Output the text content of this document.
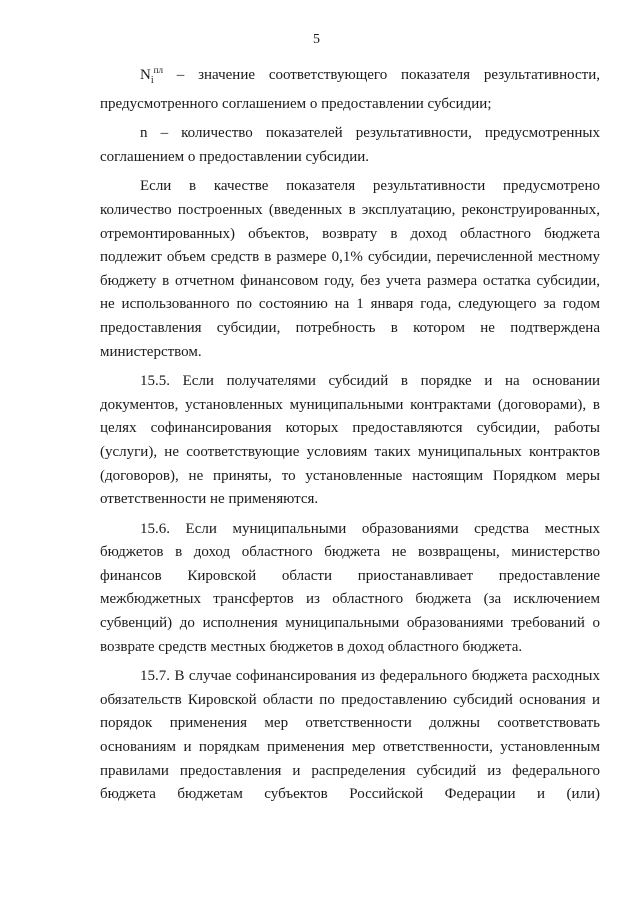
5

$N_i^{пл}$ – значение соответствующего показателя результативности, предусмотренного соглашением о предоставлении субсидии;

n – количество показателей результативности, предусмотренных соглашением о предоставлении субсидии.

Если в качестве показателя результативности предусмотрено количество построенных (введенных в эксплуатацию, реконструированных, отремонтированных) объектов, возврату в доход областного бюджета подлежит объем средств в размере 0,1% субсидии, перечисленной местному бюджету в отчетном финансовом году, без учета размера остатка субсидии, не использованного по состоянию на 1 января года, следующего за годом предоставления субсидии, потребность в котором не подтверждена министерством.

15.5. Если получателями субсидий в порядке и на основании документов, установленных муниципальными контрактами (договорами), в целях софинансирования которых предоставляются субсидии, работы (услуги), не соответствующие условиям таких муниципальных контрактов (договоров), не приняты, то установленные настоящим Порядком меры ответственности не применяются.

15.6. Если муниципальными образованиями средства местных бюджетов в доход областного бюджета не возвращены, министерство финансов Кировской области приостанавливает предоставление межбюджетных трансфертов из областного бюджета (за исключением субвенций) до исполнения муниципальными образованиями требований о возврате средств местных бюджетов в доход областного бюджета.

15.7. В случае софинансирования из федерального бюджета расходных обязательств Кировской области по предоставлению субсидий основания и порядок применения мер ответственности должны соответствовать основаниям и порядкам применения мер ответственности, установленным правилами предоставления и распределения субсидий из федерального бюджета бюджетам субъектов Российской Федерации и (или)
